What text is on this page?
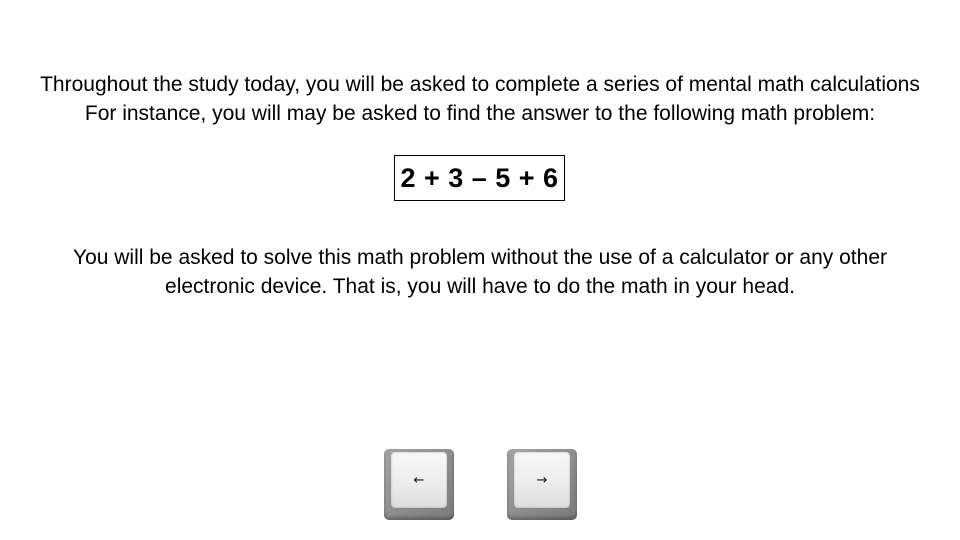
Throughout the study today, you will be asked to complete a series of mental math calculations

For instance, you will may be asked to find the answer to the following math problem:

2 + 3 – 5 + 6

You will be asked to solve this math problem without the use of a calculator or any other

electronic device. That is, you will have to do the math in your head.

←	→
